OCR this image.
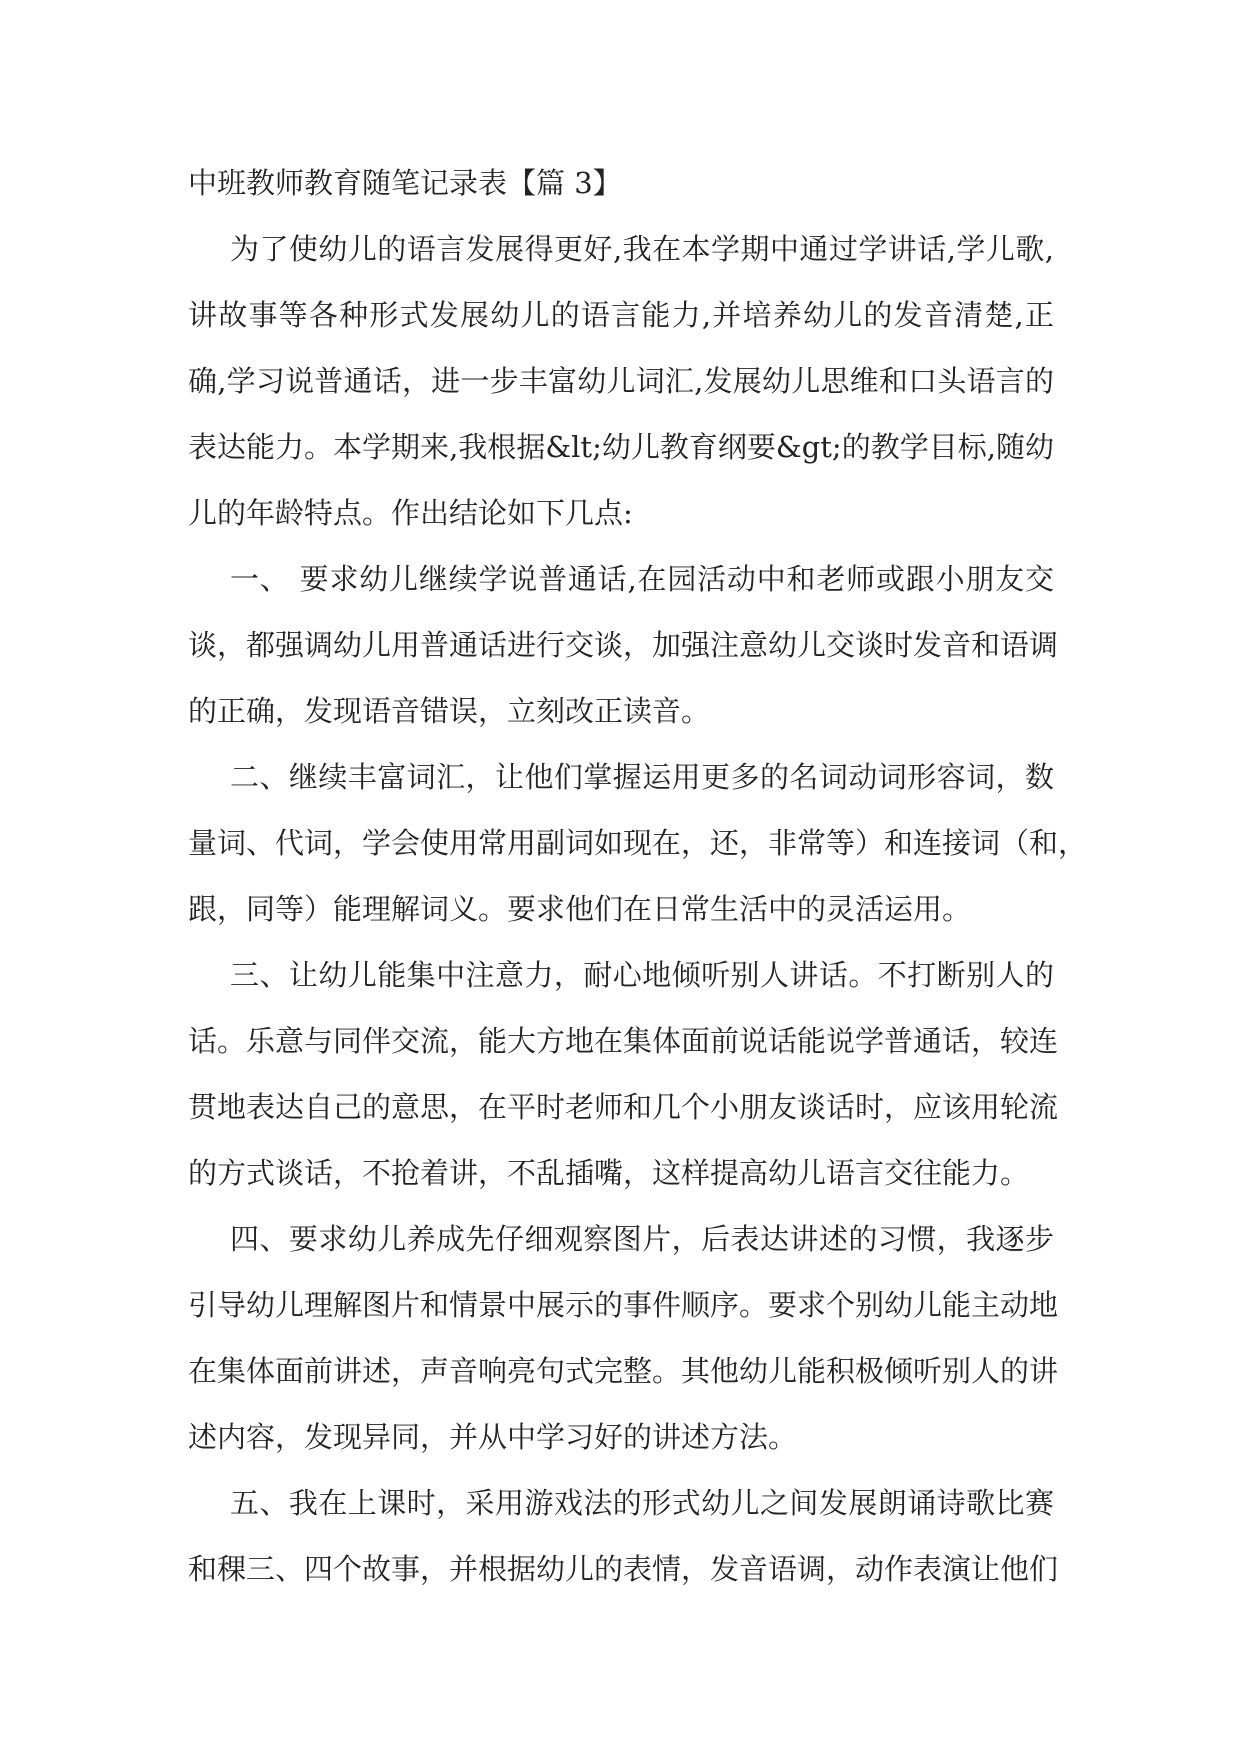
中班教师教育随笔记录表【篇 3】
为了使幼儿的语言发展得更好,我在本学期中通过学讲话,学儿歌,
讲故事等各种形式发展幼儿的语言能力,并培养幼儿的发音清楚,正
确,学习说普通话，进一步丰富幼儿词汇,发展幼儿思维和口头语言的
表达能力。本学期来,我根据&lt;幼儿教育纲要&gt;的教学目标,随幼
儿的年龄特点。作出结论如下几点:
一、 要求幼儿继续学说普通话,在园活动中和老师或跟小朋友交
谈，都强调幼儿用普通话进行交谈，加强注意幼儿交谈时发音和语调
的正确，发现语音错误，立刻改正读音。
二、继续丰富词汇，让他们掌握运用更多的名词动词形容词，数
量词、代词，学会使用常用副词如现在，还，非常等）和连接词（和，
跟，同等）能理解词义。要求他们在日常生活中的灵活运用。
三、让幼儿能集中注意力，耐心地倾听别人讲话。不打断别人的
话。乐意与同伴交流，能大方地在集体面前说话能说学普通话，较连
贯地表达自己的意思，在平时老师和几个小朋友谈话时，应该用轮流
的方式谈话，不抢着讲，不乱插嘴，这样提高幼儿语言交往能力。
四、要求幼儿养成先仔细观察图片，后表达讲述的习惯，我逐步
引导幼儿理解图片和情景中展示的事件顺序。要求个别幼儿能主动地
在集体面前讲述，声音响亮句式完整。其他幼儿能积极倾听别人的讲
述内容，发现异同，并从中学习好的讲述方法。
五、我在上课时，采用游戏法的形式幼儿之间发展朗诵诗歌比赛
和稞三、四个故事，并根据幼儿的表情，发音语调，动作表演让他们
